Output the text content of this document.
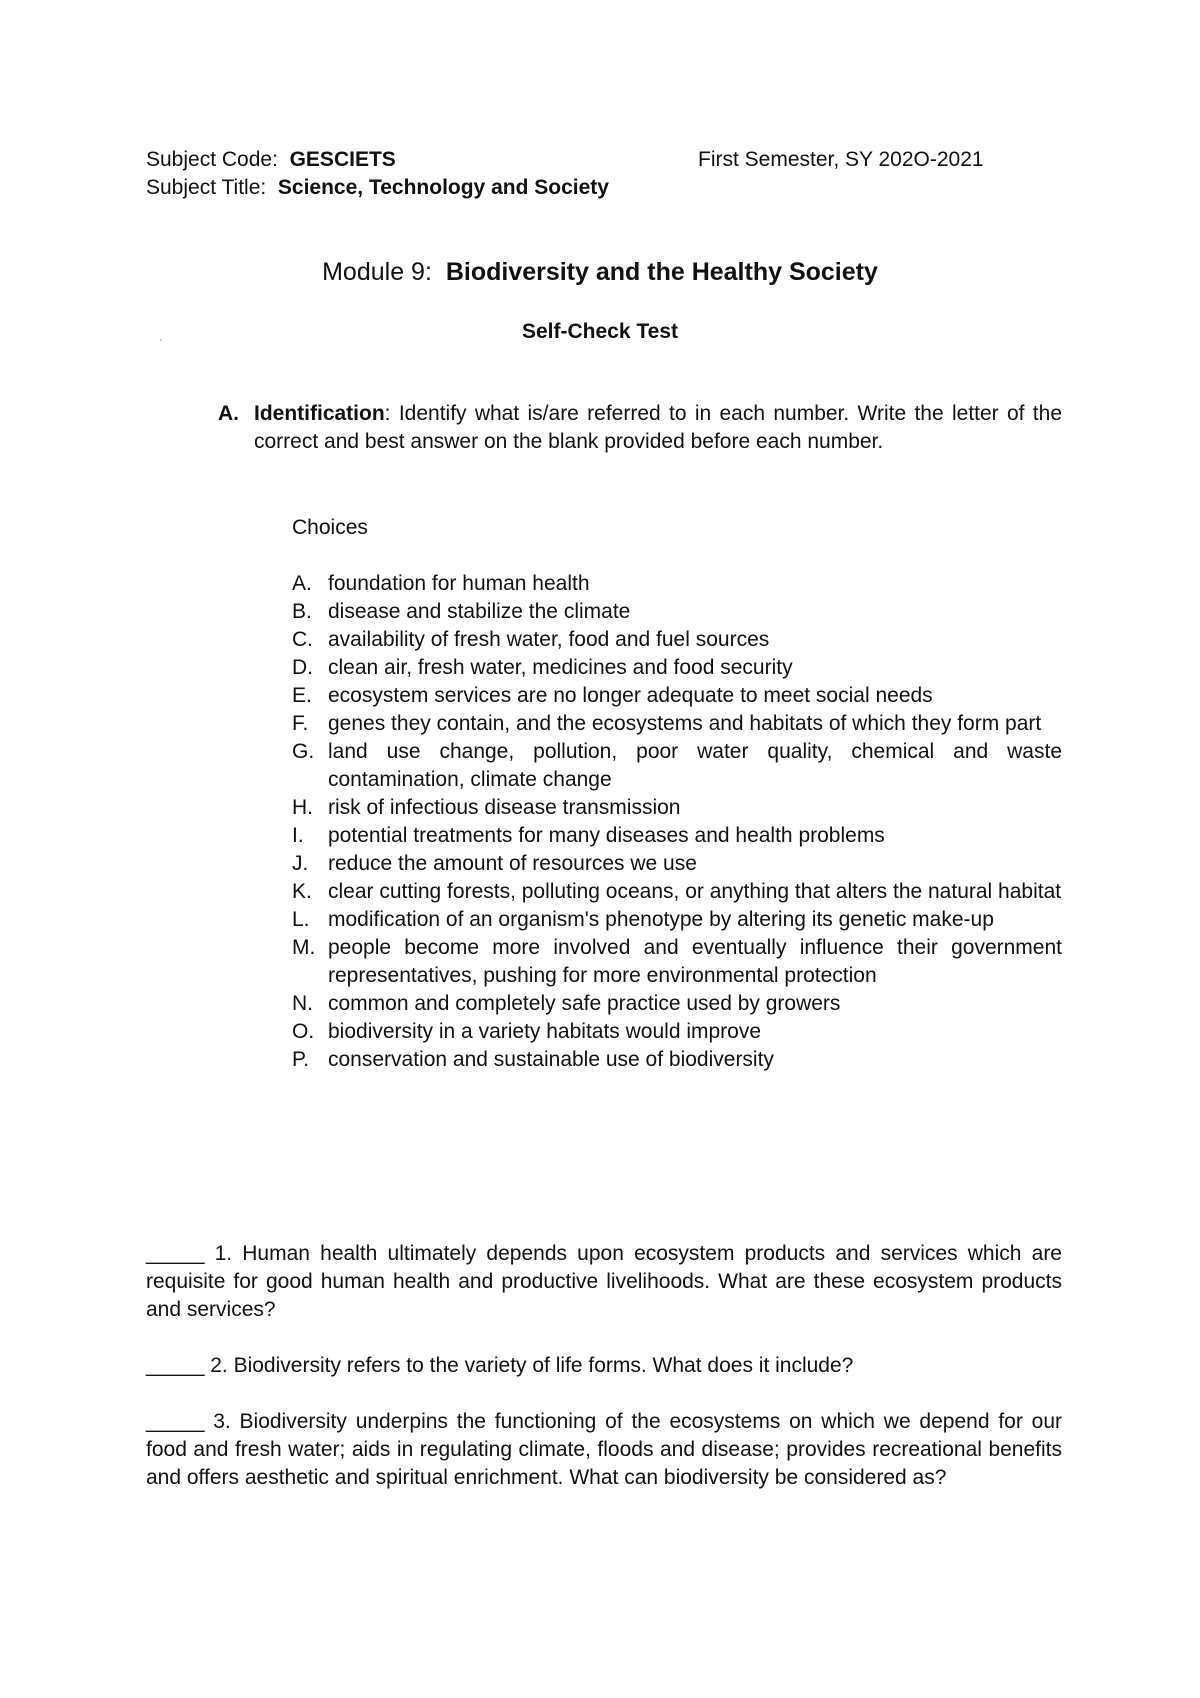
Subject Code: GESCIETS	First Semester, SY 202O-2021
Subject Title: Science, Technology and Society
Module 9: Biodiversity and the Healthy Society
Self-Check Test
'
A. Identification: Identify what is/are referred to in each number. Write the letter of the correct and best answer on the blank provided before each number.
Choices
A. foundation for human health
B. disease and stabilize the climate
C. availability of fresh water, food and fuel sources
D. clean air, fresh water, medicines and food security
E. ecosystem services are no longer adequate to meet social needs
F. genes they contain, and the ecosystems and habitats of which they form part
G. land use change, pollution, poor water quality, chemical and waste contamination, climate change
H. risk of infectious disease transmission
I. potential treatments for many diseases and health problems
J. reduce the amount of resources we use
K. clear cutting forests, polluting oceans, or anything that alters the natural habitat
L. modification of an organism's phenotype by altering its genetic make-up
M. people become more involved and eventually influence their government representatives, pushing for more environmental protection
N. common and completely safe practice used by growers
O. biodiversity in a variety habitats would improve
P. conservation and sustainable use of biodiversity

_____ 1. Human health ultimately depends upon ecosystem products and services which are requisite for good human health and productive livelihoods. What are these ecosystem products and services?

_____ 2. Biodiversity refers to the variety of life forms. What does it include?

_____ 3. Biodiversity underpins the functioning of the ecosystems on which we depend for our food and fresh water; aids in regulating climate, floods and disease; provides recreational benefits and offers aesthetic and spiritual enrichment. What can biodiversity be considered as?
